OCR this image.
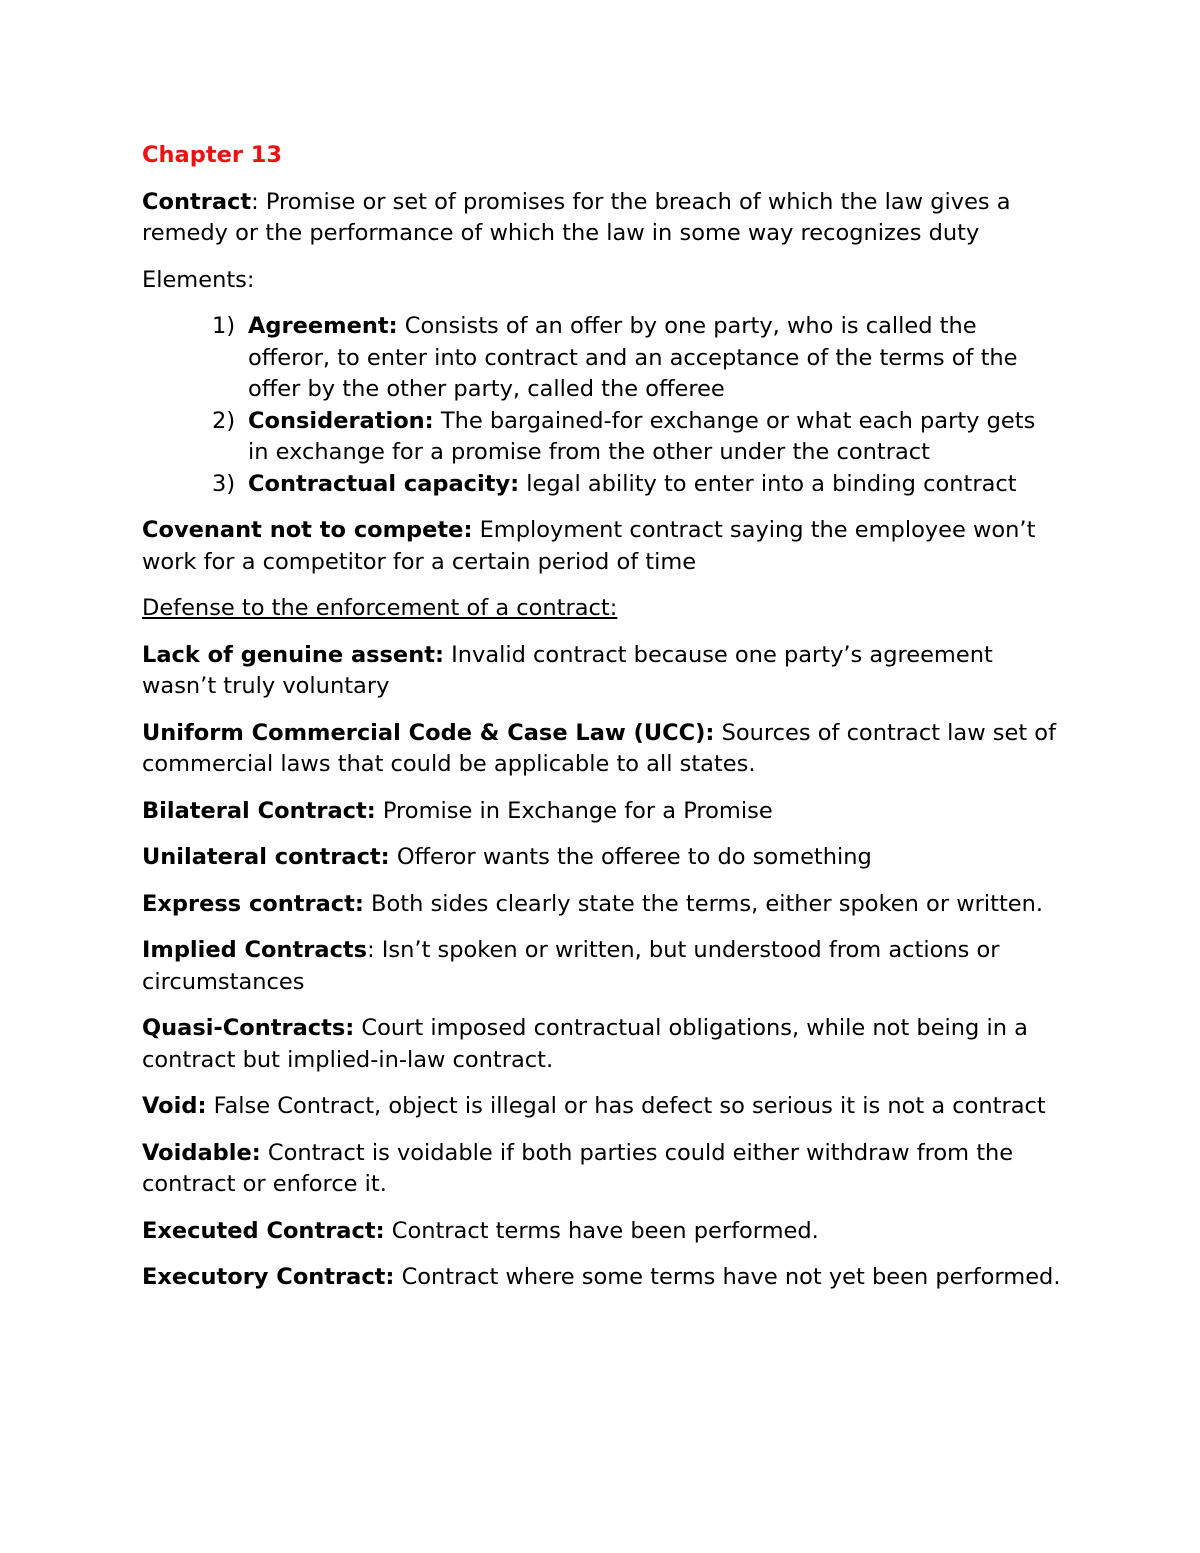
Chapter 13
Contract: Promise or set of promises for the breach of which the law gives a remedy or the performance of which the law in some way recognizes duty
Elements:
1) Agreement: Consists of an offer by one party, who is called the offeror, to enter into contract and an acceptance of the terms of the offer by the other party, called the offeree
2) Consideration: The bargained-for exchange or what each party gets in exchange for a promise from the other under the contract
3) Contractual capacity: legal ability to enter into a binding contract
Covenant not to compete: Employment contract saying the employee won’t work for a competitor for a certain period of time
Defense to the enforcement of a contract:
Lack of genuine assent: Invalid contract because one party’s agreement wasn’t truly voluntary
Uniform Commercial Code & Case Law (UCC): Sources of contract law set of commercial laws that could be applicable to all states.
Bilateral Contract: Promise in Exchange for a Promise
Unilateral contract: Offeror wants the offeree to do something
Express contract: Both sides clearly state the terms, either spoken or written.
Implied Contracts: Isn’t spoken or written, but understood from actions or circumstances
Quasi-Contracts: Court imposed contractual obligations, while not being in a contract but implied-in-law contract.
Void: False Contract, object is illegal or has defect so serious it is not a contract
Voidable: Contract is voidable if both parties could either withdraw from the contract or enforce it.
Executed Contract: Contract terms have been performed.
Executory Contract: Contract where some terms have not yet been performed.
